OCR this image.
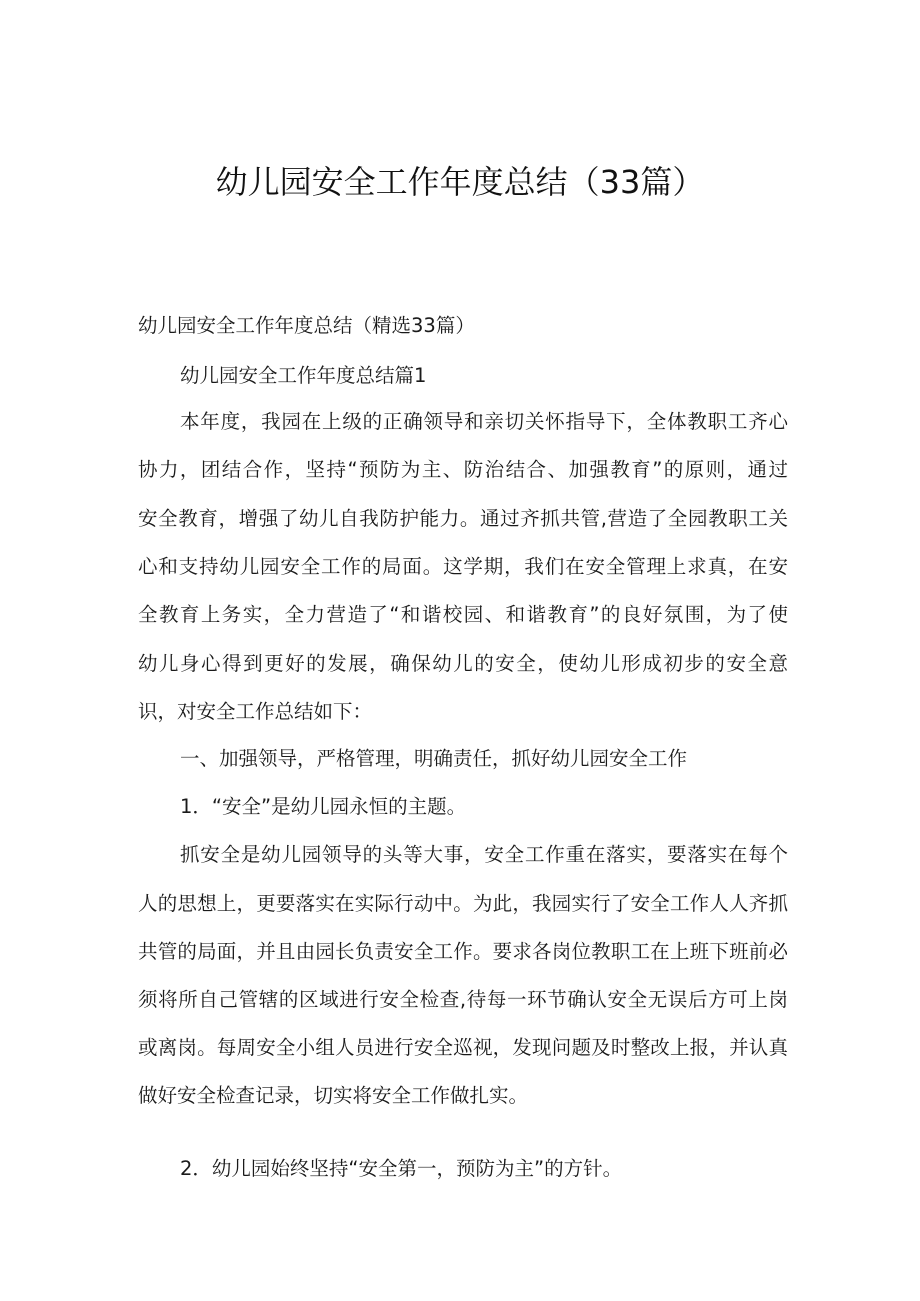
幼儿园安全工作年度总结（33篇）
幼儿园安全工作年度总结（精选33篇）
幼儿园安全工作年度总结篇1
本年度，我园在上级的正确领导和亲切关怀指导下，全体教职工齐心
协力，团结合作，坚持“预防为主、防治结合、加强教育”的原则，通过
安全教育，增强了幼儿自我防护能力。通过齐抓共管,营造了全园教职工关
心和支持幼儿园安全工作的局面。这学期，我们在安全管理上求真，在安
全教育上务实，全力营造了“和谐校园、和谐教育”的良好氛围，为了使
幼儿身心得到更好的发展，确保幼儿的安全，使幼儿形成初步的安全意
识，对安全工作总结如下：
一、加强领导，严格管理，明确责任，抓好幼儿园安全工作
1．“安全”是幼儿园永恒的主题。
抓安全是幼儿园领导的头等大事，安全工作重在落实，要落实在每个
人的思想上，更要落实在实际行动中。为此，我园实行了安全工作人人齐抓
共管的局面，并且由园长负责安全工作。要求各岗位教职工在上班下班前必
须将所自己管辖的区域进行安全检查,待每一环节确认安全无误后方可上岗
或离岗。每周安全小组人员进行安全巡视，发现问题及时整改上报，并认真
做好安全检查记录，切实将安全工作做扎实。
2．幼儿园始终坚持“安全第一，预防为主”的方针。
